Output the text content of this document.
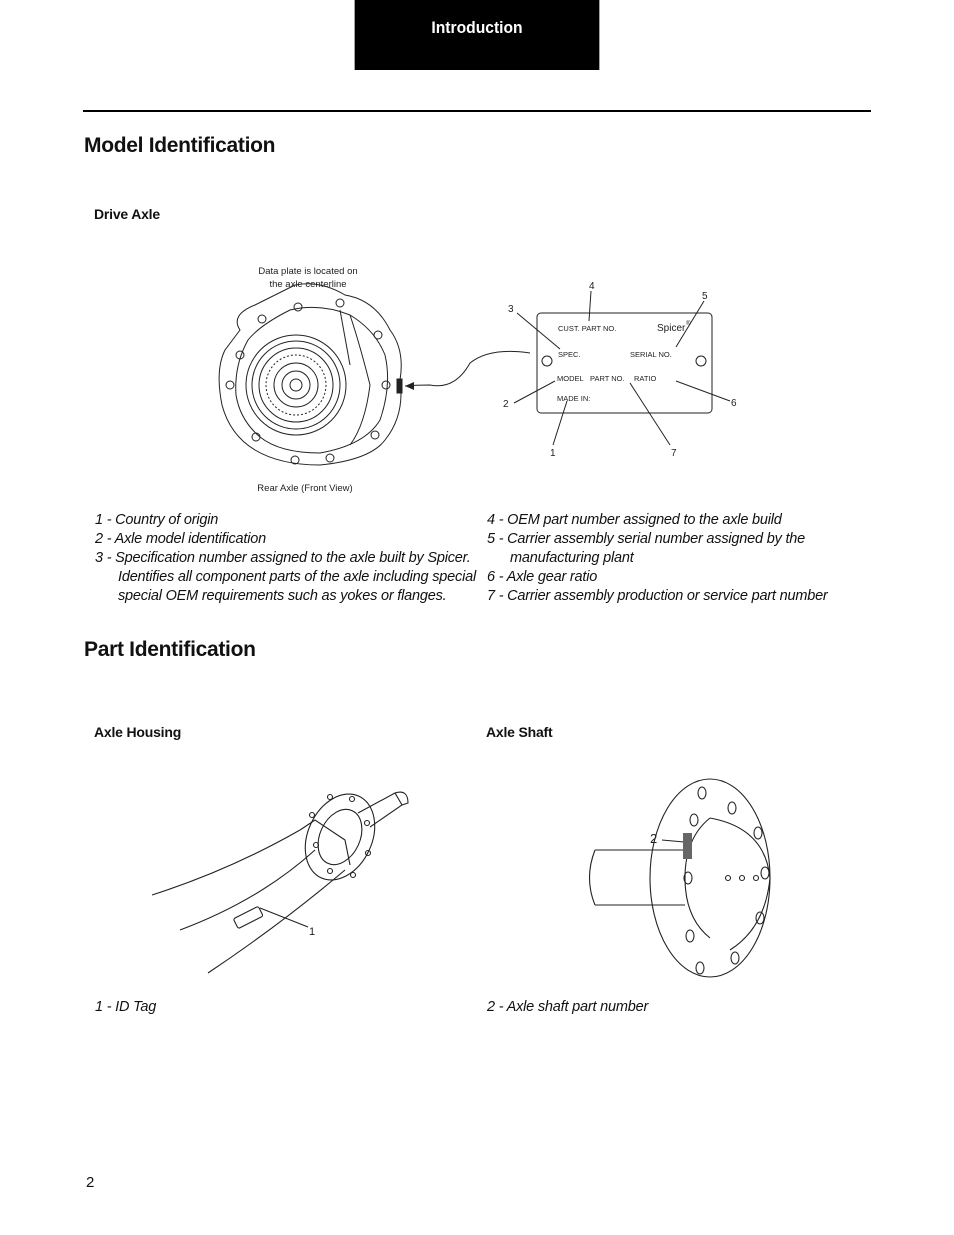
Introduction
Model Identification
Drive Axle
Data plate is located on
the axle centerline
Rear Axle (Front View)
CUST. PART NO.	Spicer ®
SPEC.	SERIAL NO.
MODEL PART NO. RATIO
MADE IN:
1
2
3
4
5
6
7

1 - Country of origin

2 - Axle model identification

3 - Specification number assigned to the axle built by Spicer.

Identifies all component parts of the axle including special

special OEM requirements such as yokes or flanges.

4 - OEM part number assigned to the axle build

5 - Carrier assembly serial number assigned by the

manufacturing plant

6 - Axle gear ratio

7 - Carrier assembly production or service part number

Part Identification
Axle Housing	Axle Shaft
1
2
1 - ID Tag	2 - Axle shaft part number
2
